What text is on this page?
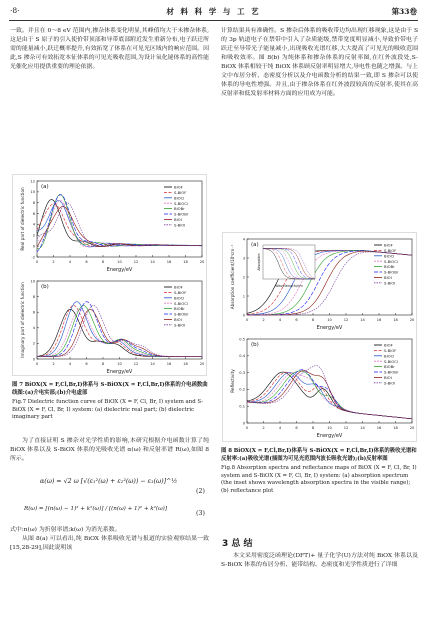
·8·	材 料 科 学 与 工 艺	第33卷

一致。并且在 0～8 eV 范围内,掺杂体系变化明显,其峰值均大于未掺杂体系,这是由于 S 原子的引入使价带顶部和导带底部附近发生重新分布,电子跃迁所需的能量减小,跃迁概率提升,有效拓宽了体系在可见光区域内的响应范围。因此,S 掺杂可有效拓宽本征体系的可见光吸收范围,为设计氧化铋体系的高性能光催化应用提供重要的理论依据。

(a)
Energy/eV
Real part of dielectric function
0	2	4	6	8	10	12	14	16	18	20
-2
0
2
4
6
8
10
12
BiOF
S-BiOF
BiOCl
S-BiOCl
BiOBr
S-BiOBr
BiOI
S-BiOI
(b)
Energy/eV
Imaginary part of dielectric function
0	2	4	6	8	10	12	14	16	18	20
0
2
4
6
8
10
BiOF
S-BiOF
BiOCl
S-BiOCl
BiOBr
S-BiOBr
BiOI
S-BiOI
图 7 BiOX(X = F,Cl,Br,I)体系与 S-BiOX(X = F,Cl,Br,I)体系的介电函数曲线图:(a)介电实部;(b)介电虚部
Fig.7 Dielectric function curve of BiOX (X = F, Cl, Br, I) system and S-BiOX (X = F, Cl, Br, I) system: (a) dielectric real part; (b) dielectric imaginary part

为了直接证明 S 掺杂对光学性质的影响,本研究根据介电函数计算了纯 BiOX 体系以及 S-BiOX 体系的光吸收光谱 α(ω) 和反射率谱 R(ω),如图 8 所示。

α(ω) = √2 ω [√(ε₁²(ω) + ε₂²(ω)) − ε₁(ω)]^½
(2)
R(ω) = [(n(ω) − 1)² + k²(ω)] / [(n(ω) + 1)² + k²(ω)]
(3)

式中:n(ω) 为折射率谱;k(ω) 为消光系数。

从图 8(a) 可以看出,纯 BiOX 体系吸收光谱与报道的实验观察结果一致[15,28-29],因此说明该

计算结果具有准确性。S 掺杂后体系的吸收带边均出现红移现象,这是由于 S 的 3p 轨道电子在禁带中引入了杂质能级,禁带宽度明显减小,导致价带电子跃迁至导带光子能量减小,出现吸收光谱红移,大大提高了可见光的吸收范围和吸收效率。图 8(b) 为纯体系和掺杂体系的反射率图,在红外波段处,S-BiOX 体系相较于纯 BiOX 体系顾反射率明显增大,导电性也随之增强。与上文中布居分析、态密度分析以及介电函数分析的结果一致,即 S 掺杂可以使体系的导电性增强。并且,由于掺杂体系在红外波段较高的反射率,使其在高反射率和低发射率材料方面的应用成为可能。

(a)
Energy/eV
Absorption coefficient/10⁵cm⁻¹
0	2	4	6	8	10	12	14	16	18	20
0
1
2
3
4
BiOF
S-BiOF
BiOCl
S-BiOCl
BiOBr
S-BiOBr
BiOI
S-BiOI
Wavelength/nm
Absorption
(b)
Energy/eV
Reflectivity
0	2	4	6	8	10	12	14	16	18	20
0
0.1
0.2
0.3
0.4
0.5
BiOF
S-BiOF
BiOCl
S-BiOCl
BiOBr
S-BiOBr
BiOI
S-BiOI
图 8 BiOX(X = F,Cl,Br,I)体系与 S-BiOX(X = F,Cl,Br,I)体系的吸收光谱和反射率:(a)吸收光谱(插图为可见光范围内波长吸收光谱);(b)反射率图
Fig.8 Absorption spectra and reflectance maps of BiOX (X = F, Cl, Br, I) system and S-BiOX (X = F, Cl, Br, I) system: (a) absorption spectrum (the inset shows wavelength absorption spectra in the visible range); (b) reflectance plot
3 总 结

本文采用密度泛函理论(DFT)+ 量子化学(U)方法对纯 BiOX 体系以及 S-BiOX 体系的布居分析、能带结构、态密度和光学性质进行了详细
